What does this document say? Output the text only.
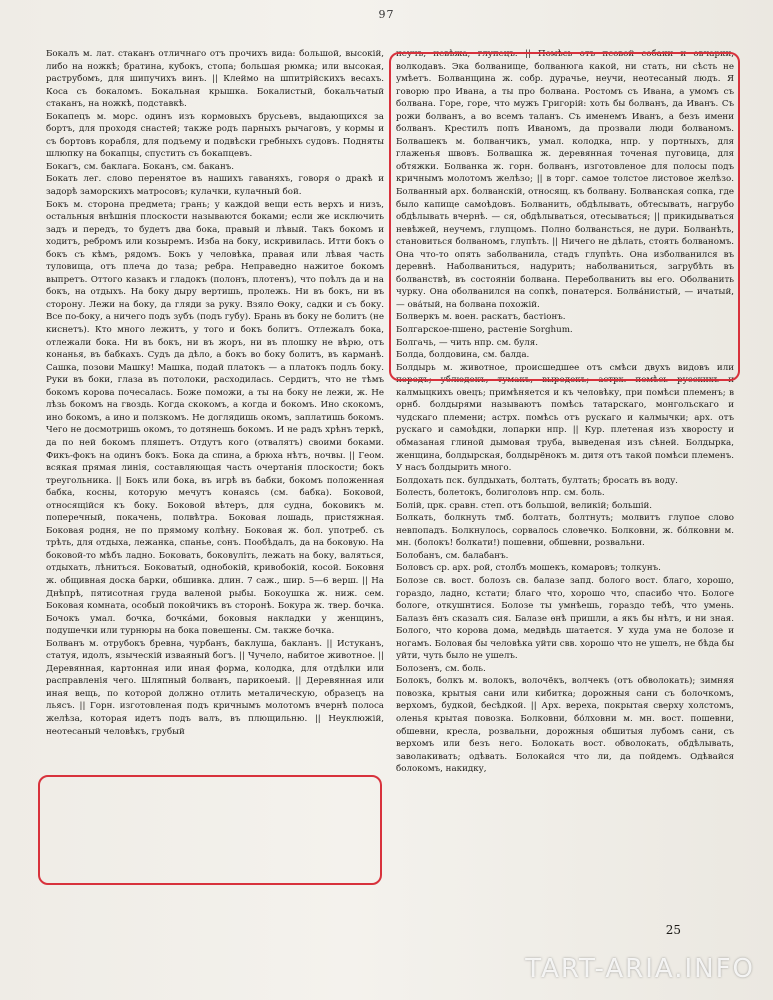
97

Бокалъ м. лат. стаканъ отличнаго отъ прочихъ вида: большой, высокій, либо на ножкѣ; братина, кубокъ, стопа; большая рюмка; или высокая, раструбомъ, для шипучихъ винъ. || Клеймо на шпитрійскихъ весахъ. Коса съ бокаломъ. Бокальная крышка. Бокалистый, бокальчатый стаканъ, на ножкѣ, подставкѣ.

Бокапецъ м. морс. одинъ изъ кормовыхъ брусьевъ, выдающихся за бортъ, для проходя снастей; также родъ парныхъ рычаговъ, у кормы и съ бортовъ корабля, для подъему и подвѣски гребныхъ судовъ. Подняты шлюпку на бокапцы, спустить съ бокапцевъ.

Бокагъ, см. баклага. Боканъ, см. баканъ.

Бокать лег. слово перенятое въ нашихъ гаваняхъ, говоря о дракѣ и задорѣ заморскихъ матросовъ; кулачки, кулачный бой.

Бокъ м. сторона предмета; грань; у каждой вещи есть верхъ и низъ, остальныя внѣшнія плоскости называются боками; если же исключить задъ и передъ, то будетъ два бока, правый и лѣвый. Такъ бокомъ и ходитъ, ребромъ или козыремъ. Изба на боку, искривилась. Итти бокъ о бокъ съ кѣмъ, рядомъ. Бокъ у человѣка, правая или лѣвая часть туловища, отъ плеча до таза; ребра. Неправедно нажитое бокомъ выпретъ. Оттого казакъ и гладокъ (полонъ, плотенъ), что поѣлъ да и на бокъ, на отдыхъ. На боку дыру вертишь, пролежь. Ни въ бокъ, ни въ сторону. Лежи на боку, да гляди за руку. Взяло Ѳоку, садки и съ боку. Все по-боку, а ничего подъ зубъ (подъ губу). Брань въ боку не болитъ (не киснетъ). Кто много лежитъ, у того и бокъ болитъ. Отлежалъ бока, отлежали бока. Ни въ бокъ, ни въ жоръ, ни въ плошку не вѣрю, отъ конанья, въ бабкахъ. Судъ да дѣло, а бокъ во боку болитъ, въ карманѣ. Сашка, позови Машку! Машка, подай платокъ — а платокъ подль боку. Руки въ боки, глаза въ потолоки, расходилась. Сердитъ, что не тѣмъ бокомъ корова почесалась. Боже поможи, а ты на боку не лежи, ж. Не лѣзь бокомъ на гвоздь. Когда скокомъ, а когда и бокомъ. Ино скокомъ, ино бокомъ, а ино и ползкомъ. Не доглядишь окомъ, заплатишь бокомъ. Чего не досмотришь окомъ, то дотянешь бокомъ. И не радъ хрѣнъ теркѣ, да по ней бокомъ пляшетъ. Отдутъ кого (отвалятъ) своими боками. Фикъ-фокъ на одинъ бокъ. Бока да спина, а брюха нѣтъ, ночвы. || Геом. всякая прямая линія, составляющая часть очертанія плоскости; бокъ треугольника. || Бокъ или бока, въ игрѣ въ бабки, бокомъ положенная бабка, косны, которую мечутъ конаясь (см. бабка). Боковой, относящійся къ боку. Боковой вѣтеръ, для судна, боковикъ м. поперечный, покачень, полвѣтра. Боковая лошадь, пристяжная. Боковая родня, не по прямому колѣну. Боковая ж. бол. употреб. съ трѣть, для отдыха, лежанка, спанье, сонъ. Пообѣдалъ, да на боковую. На боковой-то мѣбъ ладно. Боковать, боковуліть, лежать на боку, валяться, отдыхать, лѣниться. Боковатый, однобокій, кривобокій, косой. Боковня ж. общивная доска барки, обшивка. длин. 7 саж., шир. 5—6 верш. || На Днѣпрѣ, пятисотная груда валеной рыбы. Бокоушка ж. ниж. сем. Боковая комната, особый покойчикъ въ сторонѣ. Бокура ж. твер. бочка. Бочокъ умал. бочка, бочка́ми, боковыя накладки у женщинъ, подушечки или турнюры на бока повешены. См. также бочка.

Болванъ м. отрубокъ бревна, чурбанъ, баклуша, бакланъ. || Истуканъ, статуя, идолъ, языческій изваяный богъ. || Чучело, набитое животное. || Деревянная, картонная или иная форма, колодка, для отдѣлки или расправленія чего. Шляпный болванъ, парикоеый. || Деревянная или иная вещь, по которой должно отлить металическую, образецъ на льясъ. || Горн. изготовленая подъ кричнымъ молотомъ вчернѣ полоса желѣза, которая идетъ подъ валъ, въ плющильню. || Неуклюжій, неотесаный человѣкъ, грубый

неучъ, невѣжа; глупецъ. || Помѣсь отъ псовой собаки и овчарки, волкодавъ. Эка болванище, болванюга какой, ни стать, ни сѣсть не умѣетъ. Болванщина ж. собр. дурачье, неучи, неотесаный людъ. Я говорю про Ивана, а ты про болвана. Ростомъ съ Ивана, а умомъ съ болвана. Горе, горе, что мужъ Григорій: хоть бы болванъ, да Иванъ. Съ рожи болванъ, а во всемъ таланъ. Съ именемъ Иванъ, а безъ имени болванъ. Крестилъ попъ Иваномъ, да прозвали люди болваномъ. Болвашекъ м. болванчикъ, умал. колодка, нпр. у портныхъ, для глаженья швовъ. Болвашка ж. деревянная точеная пуговица, для обтяжки. Болванка ж. горн. болванъ, изготовленое для полосы подъ кричнымъ молотомъ желѣзо; || в торг. самое толстое листовое желѣзо. Болванный арх. болванскій, относящ. къ болвану. Болванская сопка, где было капище самоѣдовъ. Болванить, обдѣлывать, обтесывать, нагрубо обдѣлывать вчернѣ. — ся, обдѣлываться, отесываться; || прикидываться невѣжей, неучемъ, глупцомъ. Полно болвансться, не дури. Болванѣть, становиться болваномъ, глупѣть. || Ничего не дѣлать, стоять болваномъ. Она что-то опять заболванила, стадъ глупѣть. Она изболванился въ деревнѣ. Наболваниться, надурить; наболваниться, загрубѣть въ болванствѣ, въ состояніи болвана. Переболванить вы его. Оболванить чурку. Она оболванился на сопкѣ, понатерся. Болва́нистый, — ичатый, — ова́тый, на болвана похожій.

Болверкъ м. воен. раскатъ, бастіонъ.

Болгарское-пшено, растеніе Sorghum.

Болгачь, — чить нпр. см. буля.

Болда, болдовина, см. балда.

Болдырь м. животное, происшедшее отъ смѣси двухъ видовъ или породъ; ублюдокъ, тумакъ, выродокъ; астрх. помѣсь русскихъ и калмыцкихъ овецъ; примѣняется и къ человѣку, при помѣси племенъ; в орнб. болдырями называютъ помѣсь татарскаго, монгольскаго и чудскаго племени; астрх. помѣсь отъ рускаго и калмычки; арх. отъ рускаго и самоѣдки, лопарки нпр. || Кур. плетеная изъ хворосту и обмазаная глиной дымовая труба, выведеная изъ сѣней. Болдырка, женщина, болдырская, болдырёнокъ м. дитя отъ такой помѣси племенъ. У насъ болдырить много.

Болдохать пск. булдыхать, болтать, бултать; бросать въ воду.

Болесть, болетокъ, болиголовъ нпр. см. боль.

Болій, црк. сравн. степ. отъ большой, великій; большій.

Болкать, болкнуть тмб. болтать, болтнуть; молвитъ глупое слово невпопадъ. Болкнулось, сорвалось словечко. Болковни, ж. бо́лковни м. мн. (болокъ! болкати!) пошевни, обшевни, розвальни.

Болобанъ, см. балабанъ.

Боловсъ ср. арх. рой, столбъ мошекъ, комаровъ; толкунъ.

Болозе св. вост. болозъ св. балазе запд. болого вост. благо, хорошо, гораздо, ладно, кстати; благо что, хорошо что, спасибо что. Бологе бологе, откушнтися. Болозе ты умнѣешь, гораздо тебѣ, что умень. Балазъ ёнъ сказалъ сия. Балазе ѳнѣ пришли, а якъ бы нѣтъ, и ни зная. Болого, что корова дома, медвѣдь шатается. У худа ума не болозе и ногамъ. Боловая бы человѣка уйти свв. хорошо что не ушелъ, не бѣда бы уйти, чуть было не ушелъ.

Болозенъ, см. боль.

Болокъ, болкъ м. волокъ, волочёкъ, волчекъ (отъ обволокать); зимняя повозка, крытыя сани или кибитка; дорожныя сани съ болочкомъ, верхомъ, будкой, бесѣдкой. || Арх. вереха, покрытая сверху холстомъ, оленья крытая повозка. Болковни, бо́лховни м. мн. вост. пошевни, обшевни, кресла, розвальни, дорожныя обшитыя лубомъ сани, съ верхомъ или безъ него. Болокать вост. обволокать, обдѣлывать, заволакивать; одѣвать. Болокайся что ли, да пойдемъ. Одѣвайся болокомъ, накидку,

25
TART-ARIA.INFO
